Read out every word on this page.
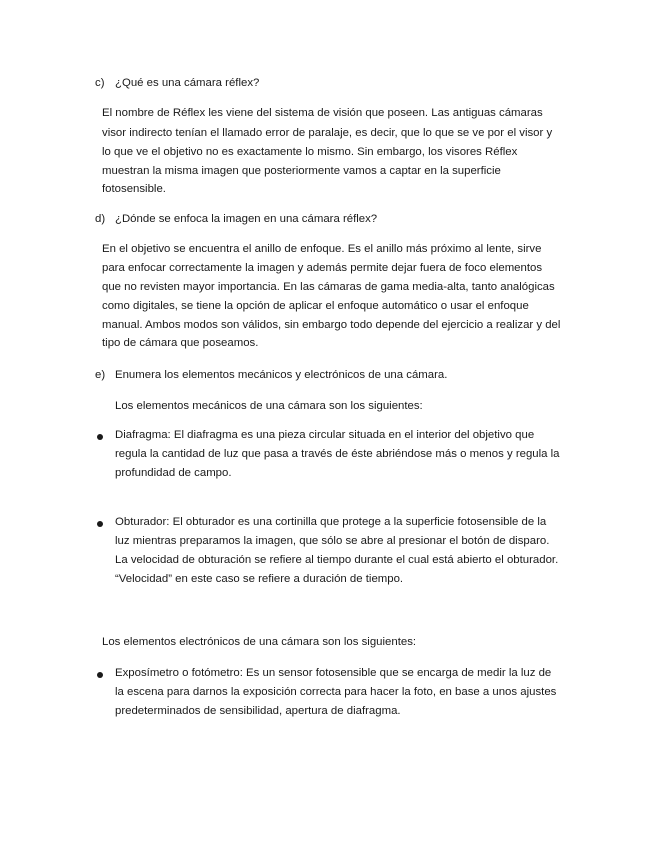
c) ¿Qué es una cámara réflex?
El nombre de Réflex les viene del sistema de visión que poseen. Las antiguas cámaras
visor indirecto tenían el llamado error de paralaje, es decir, que lo que se ve por el visor y
lo que ve el objetivo no es exactamente lo mismo. Sin embargo, los visores Réflex
muestran la misma imagen que posteriormente vamos a captar en la superficie
fotosensible.
d) ¿Dónde se enfoca la imagen en una cámara réflex?
En el objetivo se encuentra el anillo de enfoque. Es el anillo más próximo al lente, sirve
para enfocar correctamente la imagen y además permite dejar fuera de foco elementos
que no revisten mayor importancia. En las cámaras de gama media-alta, tanto analógicas
como digitales, se tiene la opción de aplicar el enfoque automático o usar el enfoque
manual. Ambos modos son válidos, sin embargo todo depende del ejercicio a realizar y del
tipo de cámara que poseamos.
e) Enumera los elementos mecánicos y electrónicos de una cámara.
Los elementos mecánicos de una cámara son los siguientes:
Diafragma: El diafragma es una pieza circular situada en el interior del objetivo que
regula la cantidad de luz que pasa a través de éste abriéndose más o menos y regula la
profundidad de campo.
Obturador: El obturador es una cortinilla que protege a la superficie fotosensible de la
luz mientras preparamos la imagen, que sólo se abre al presionar el botón de disparo.
La velocidad de obturación se refiere al tiempo durante el cual está abierto el obturador.
“Velocidad” en este caso se refiere a duración de tiempo.
Los elementos electrónicos de una cámara son los siguientes:
Exposímetro o fotómetro: Es un sensor fotosensible que se encarga de medir la luz de
la escena para darnos la exposición correcta para hacer la foto, en base a unos ajustes
predeterminados de sensibilidad, apertura de diafragma.
